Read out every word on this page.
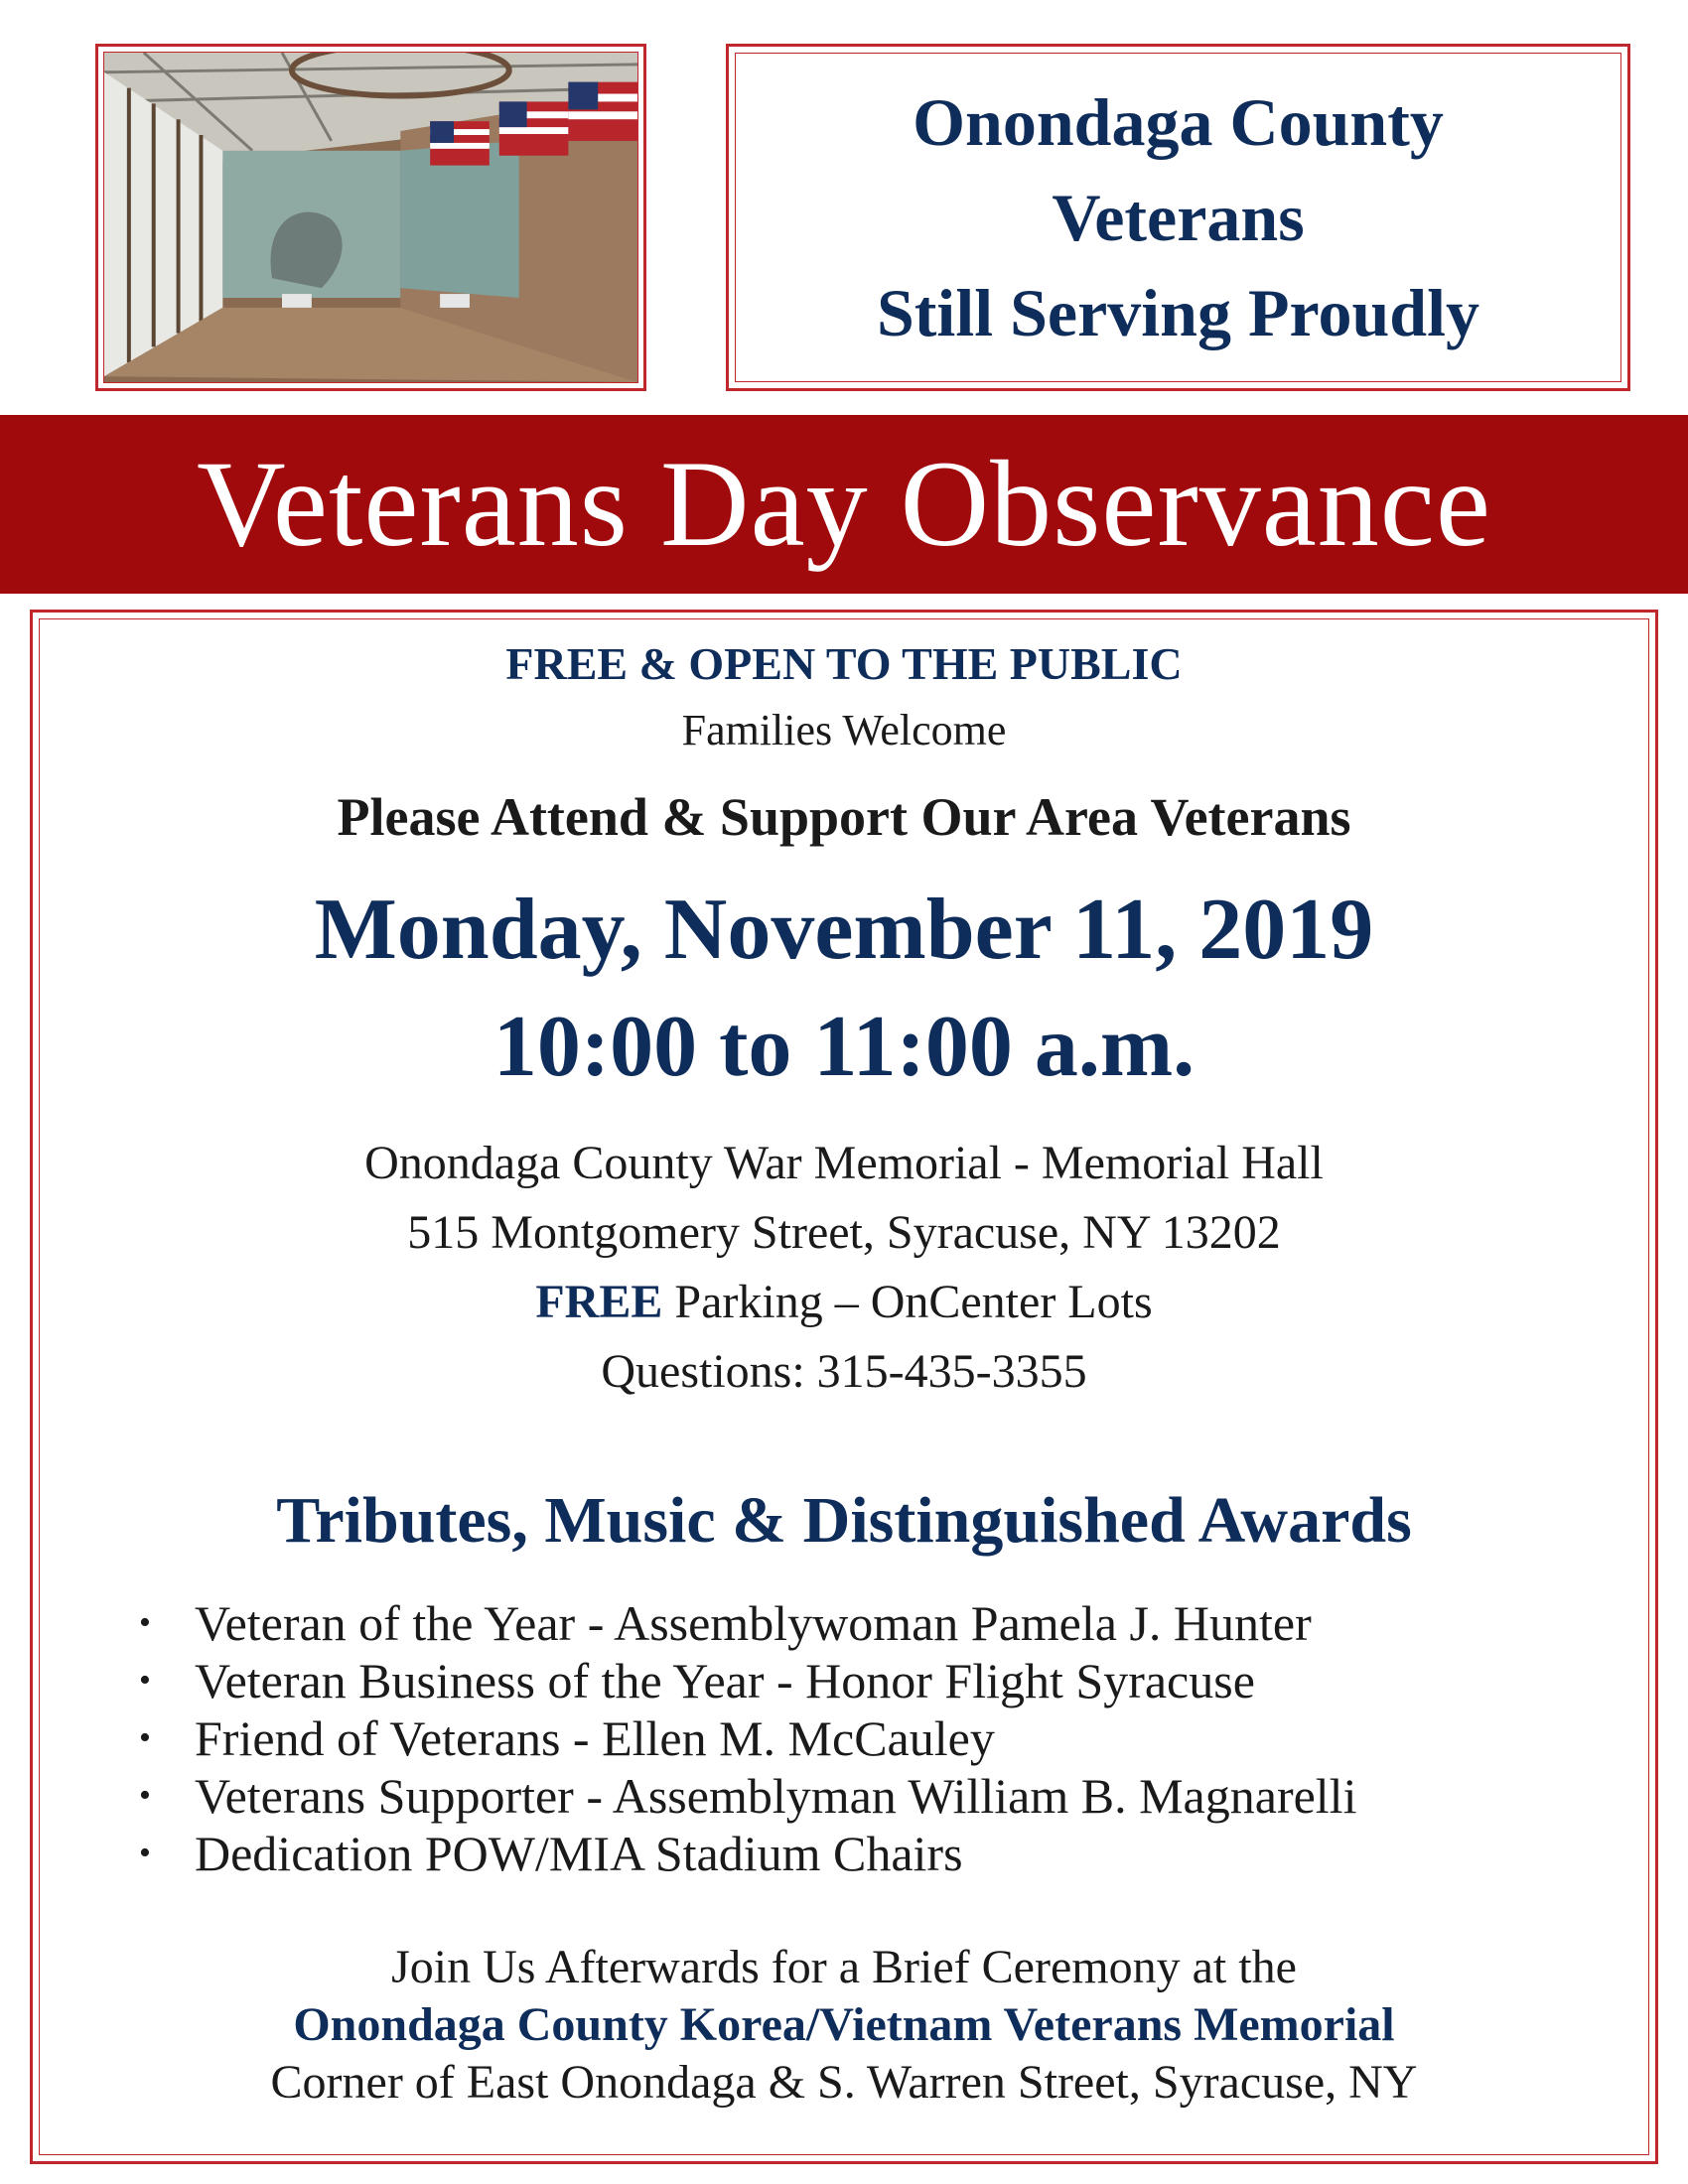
Onondaga County
Veterans
Still Serving Proudly
Veterans Day Observance
FREE & OPEN TO THE PUBLIC
Families Welcome
Please Attend & Support Our Area Veterans
Monday, November 11, 2019
10:00 to 11:00 a.m.
Onondaga County War Memorial - Memorial Hall
515 Montgomery Street, Syracuse, NY 13202
FREE Parking – OnCenter Lots
Questions: 315-435-3355
Tributes, Music & Distinguished Awards
• Veteran of the Year - Assemblywoman Pamela J. Hunter
• Veteran Business of the Year - Honor Flight Syracuse
• Friend of Veterans - Ellen M. McCauley
• Veterans Supporter - Assemblyman William B. Magnarelli
• Dedication POW/MIA Stadium Chairs
Join Us Afterwards for a Brief Ceremony at the
Onondaga County Korea/Vietnam Veterans Memorial
Corner of East Onondaga & S. Warren Street, Syracuse, NY
